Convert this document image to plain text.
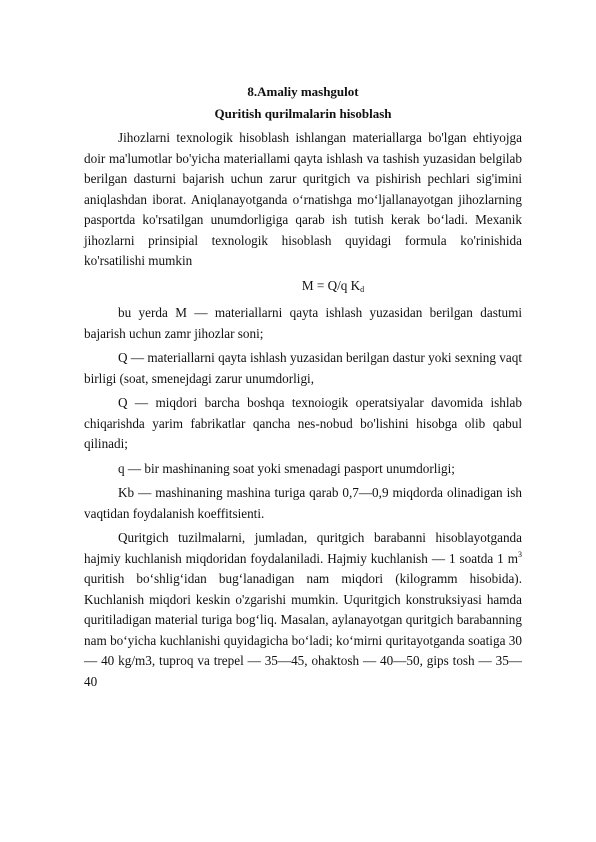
8.Amaliy mashgulot
Quritish qurilmalarin hisoblash

Jihozlarni texnologik hisoblash ishlangan materiallarga bo'lgan ehtiyojga doir ma'lumotlar bo'yicha materiallami qayta ishlash va tashish yuzasidan belgilab berilgan dasturni bajarish uchun zarur quritgich va pishirish pechlari sig'imini aniqlashdan iborat. Aniqlanayotganda o‘rnatishga mo‘ljallanayotgan jihozlarning pasportda ko'rsatilgan unumdorligiga qarab ish tutish kerak bo‘ladi. Mexanik jihozlarni prinsipial texnologik hisoblash quyidagi formula ko'rinishida ko'rsatilishi mumkin

M = Q/q $K_d$

bu yerda M — materiallarni qayta ishlash yuzasidan berilgan dastumi bajarish uchun zamr jihozlar soni;

Q — materiallarni qayta ishlash yuzasidan berilgan dastur yoki sexning vaqt birligi (soat, smenejdagi zarur unumdorligi,

Q — miqdori barcha boshqa texnoiogik operatsiyalar davomida ishlab chiqarishda yarim fabrikatlar qancha nes-nobud bo'lishini hisobga olib qabul qilinadi;

q — bir mashinaning soat yoki smenadagi pasport unumdorligi;

Kb — mashinaning mashina turiga qarab 0,7—0,9 miqdorda olinadigan ish vaqtidan foydalanish koeffitsienti.

Quritgich tuzilmalarni, jumladan, quritgich barabanni hisoblayotganda hajmiy kuchlanish miqdoridan foydalaniladi. Hajmiy kuchlanish — 1 soatda 1 $m^3$ quritish bo‘shlig‘idan bug‘lanadigan nam miqdori (kilogramm hisobida). Kuchlanish miqdori keskin o'zgarishi mumkin. Uquritgich konstruksiyasi hamda quritiladigan material turiga bog‘liq. Masalan, aylanayotgan quritgich barabanning nam bo‘yicha kuchlanishi quyidagicha bo‘ladi; ko‘mirni quritayotganda soatiga 30 — 40 kg/m3, tuproq va trepel — 35—45, ohaktosh — 40—50, gips tosh — 35—40
